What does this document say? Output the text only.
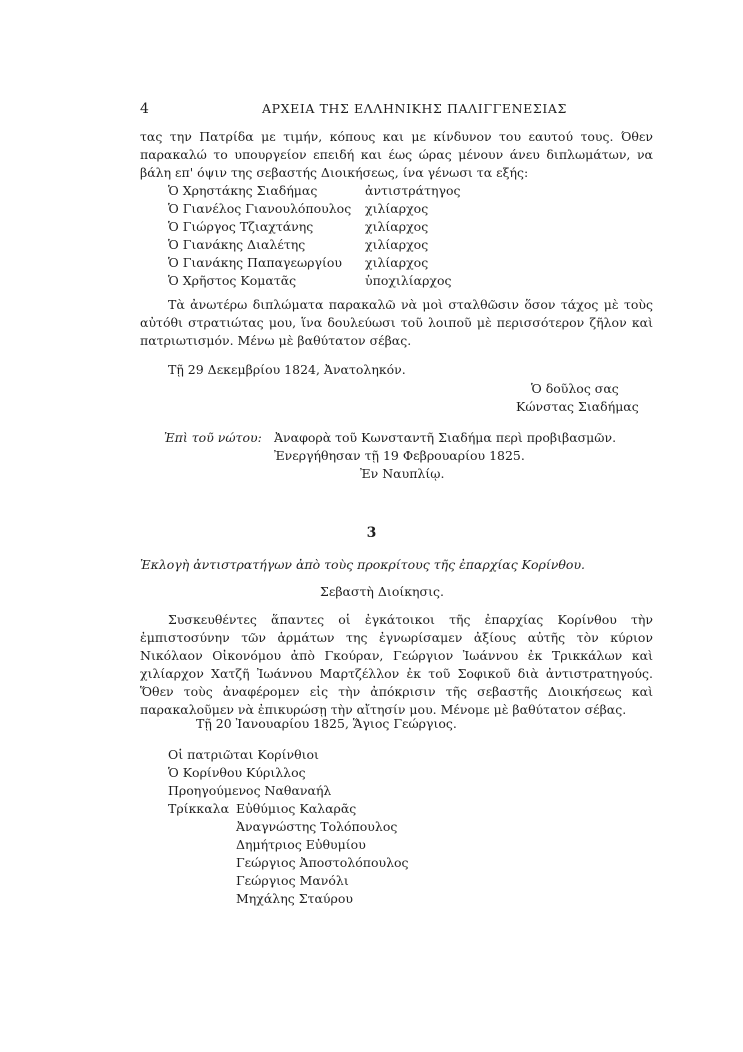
4	ΑΡΧΕΙΑ ΤΗΣ ΕΛΛΗΝΙΚΗΣ ΠΑΛΙΓΓΕΝΕΣΙΑΣ
τας την Πατρίδα με τιμήν, κόπους και με κίνδυνον του εαυτού τους. Όθεν παρακαλώ το υπουργείον επειδή και έως ώρας μένουν άνευ διπλωμάτων, να βάλη επ' όψιν της σεβαστής Διοικήσεως, ίνα γένωσι τα εξής:
Ὁ Χρηστάκης Σιαδήμας	ἀντιστράτηγος
Ὁ Γιανέλος Γιανουλόπουλος χιλίαρχος
Ὁ Γιώργος Τζιαχτάνης	χιλίαρχος
Ὁ Γιανάκης Διαλέτης	χιλίαρχος
Ὁ Γιανάκης Παπαγεωργίου χιλίαρχος
Ὁ Χρῆστος Κοματᾶς	ὑποχιλίαρχος
Τὰ ἀνωτέρω διπλώματα παρακαλῶ νὰ μοὶ σταλθῶσιν ὅσον τάχος μὲ τοὺς αὐτόθι στρατιώτας μου, ἵνα δουλεύωσι τοῦ λοιποῦ μὲ περισσότερον ζῆλον καὶ πατριωτισμόν. Μένω μὲ βαθύτατον σέβας.
Τῇ 29 Δεκεμβρίου 1824, Ἀνατοληκόν.
Ὁ δοῦλος σας
Κώνστας Σιαδήμας
Ἐπὶ τοῦ νώτου: Ἀναφορὰ τοῦ Κωνσταντῆ Σιαδήμα περὶ προβιβασμῶν.
Ἐνεργήθησαν τῇ 19 Φεβρουαρίου 1825.
Ἐν Ναυπλίῳ.
3
Ἐκλογὴ ἀντιστρατήγων ἀπὸ τοὺς προκρίτους τῆς ἐπαρχίας Κορίνθου.
Σεβαστὴ Διοίκησις.
Συσκευθέντες ἅπαντες οἱ ἐγκάτοικοι τῆς ἐπαρχίας Κορίνθου τὴν ἐμπιστοσύνην τῶν ἁρμάτων της ἐγνωρίσαμεν ἀξίους αὐτῆς τὸν κύριον Νικόλαον Οἰκονόμου ἀπὸ Γκούραν, Γεώργιον Ἰωάννου ἐκ Τρικκάλων καὶ χιλίαρχον Χατζῆ Ἰωάννου Μαρτζέλλον ἐκ τοῦ Σοφικοῦ διὰ ἀντιστρατηγούς. Ὅθεν τοὺς ἀναφέρομεν εἰς τὴν ἀπόκρισιν τῆς σεβαστῆς Διοικήσεως καὶ παρακαλοῦμεν νὰ ἐπικυρώσῃ τὴν αἴτησίν μου. Μένομε μὲ βαθύτατον σέβας.
Τῇ 20 Ἰανουαρίου 1825, Ἅγιος Γεώργιος.
Οἱ πατριῶται Κορίνθιοι
Ὁ Κορίνθου Κύριλλος
Προηγούμενος Ναθαναήλ
Τρίκκαλα Εὐθύμιος Καλαρᾶς
Ἀναγνώστης Τολόπουλος
Δημήτριος Εὐθυμίου
Γεώργιος Ἀποστολόπουλος
Γεώργιος Μανόλι
Μηχάλης Σταύρου
